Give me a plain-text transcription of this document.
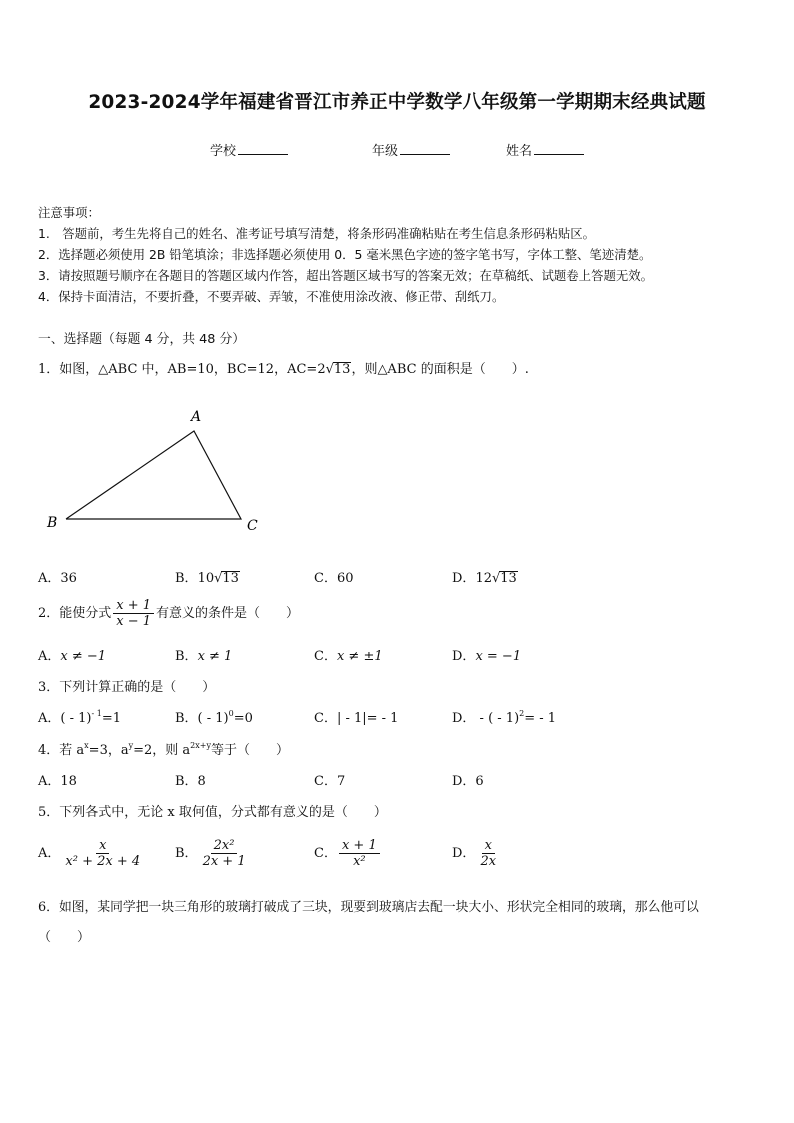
2023-2024学年福建省晋江市养正中学数学八年级第一学期期末经典试题
学校	年级	姓名
注意事项：
1.　答题前，考生先将自己的姓名、准考证号填写清楚，将条形码准确粘贴在考生信息条形码粘贴区。
2．选择题必须使用 2B 铅笔填涂；非选择题必须使用 0．5 毫米黑色字迹的签字笔书写，字体工整、笔迹清楚。
3．请按照题号顺序在各题目的答题区域内作答，超出答题区域书写的答案无效；在草稿纸、试题卷上答题无效。
4．保持卡面清洁，不要折叠，不要弄破、弄皱，不准使用涂改液、修正带、刮纸刀。
一、选择题（每题 4 分，共 48 分）
1．如图，△ABC 中，AB=10，BC=12，AC=2√13，则△ABC 的面积是（　　）.
A
B	C
A．36	B．10√13	C．60	D．12√13
2．能使分式 $\frac{x + 1}{x - 1}$ 有意义的条件是（　　）
A．x ≠ −1	B．x ≠ 1	C．x ≠ ±1	D．x = −1
3．下列计算正确的是（　　）
A．( - 1)$^{- 1}$=1	B．( - 1)$^0$=0	C．| - 1|= - 1	D． - ( - 1)$^2$= - 1
4．若 $a^x=3$，$a^y=2$，则 $a^{2x+y}$等于（　　）
A．18	B．8	C．7	D．6
5．下列各式中，无论 x 取何值，分式都有意义的是（　　）
A． $\frac{x}{\text{x² + 2x + 4}}$ B． $\frac{\text{2x²}}{2x + 1}$	C． $\frac{x + 1}{\text{x²}}$	D． $\frac{x}{2x}$
6．如图，某同学把一块三角形的玻璃打破成了三块，现要到玻璃店去配一块大小、形状完全相同的玻璃，那么他可以
（　　）
